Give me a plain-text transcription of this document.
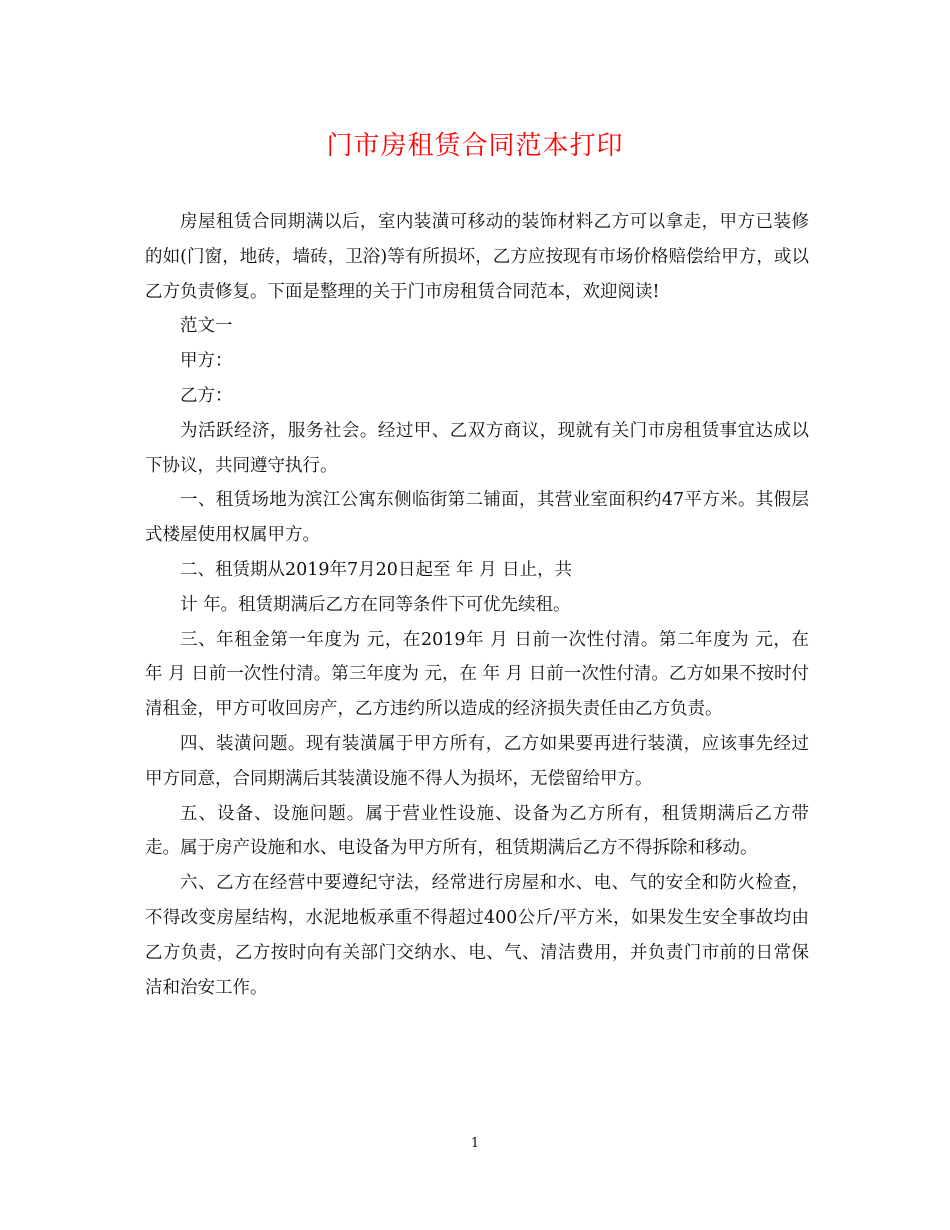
门市房租赁合同范本打印

房屋租赁合同期满以后，室内装潢可移动的装饰材料乙方可以拿走，甲方已装修的如(门窗，地砖，墙砖，卫浴)等有所损坏，乙方应按现有市场价格赔偿给甲方，或以乙方负责修复。下面是整理的关于门市房租赁合同范本，欢迎阅读!

范文一

甲方：

乙方：

为活跃经济，服务社会。经过甲、乙双方商议，现就有关门市房租赁事宜达成以下协议，共同遵守执行。

一、租赁场地为滨江公寓东侧临街第二铺面，其营业室面积约47平方米。其假层式楼屋使用权属甲方。

二、租赁期从2019年7月20日起至 年 月 日止，共

计 年。租赁期满后乙方在同等条件下可优先续租。

三、年租金第一年度为 元，在2019年 月 日前一次性付清。第二年度为 元，在 年 月 日前一次性付清。第三年度为 元，在 年 月 日前一次性付清。乙方如果不按时付清租金，甲方可收回房产，乙方违约所以造成的经济损失责任由乙方负责。

四、装潢问题。现有装潢属于甲方所有，乙方如果要再进行装潢，应该事先经过甲方同意，合同期满后其装潢设施不得人为损坏，无偿留给甲方。

五、设备、设施问题。属于营业性设施、设备为乙方所有，租赁期满后乙方带走。属于房产设施和水、电设备为甲方所有，租赁期满后乙方不得拆除和移动。

六、乙方在经营中要遵纪守法，经常进行房屋和水、电、气的安全和防火检查，不得改变房屋结构，水泥地板承重不得超过400公斤/平方米，如果发生安全事故均由乙方负责，乙方按时向有关部门交纳水、电、气、清洁费用，并负责门市前的日常保洁和治安工作。

1
